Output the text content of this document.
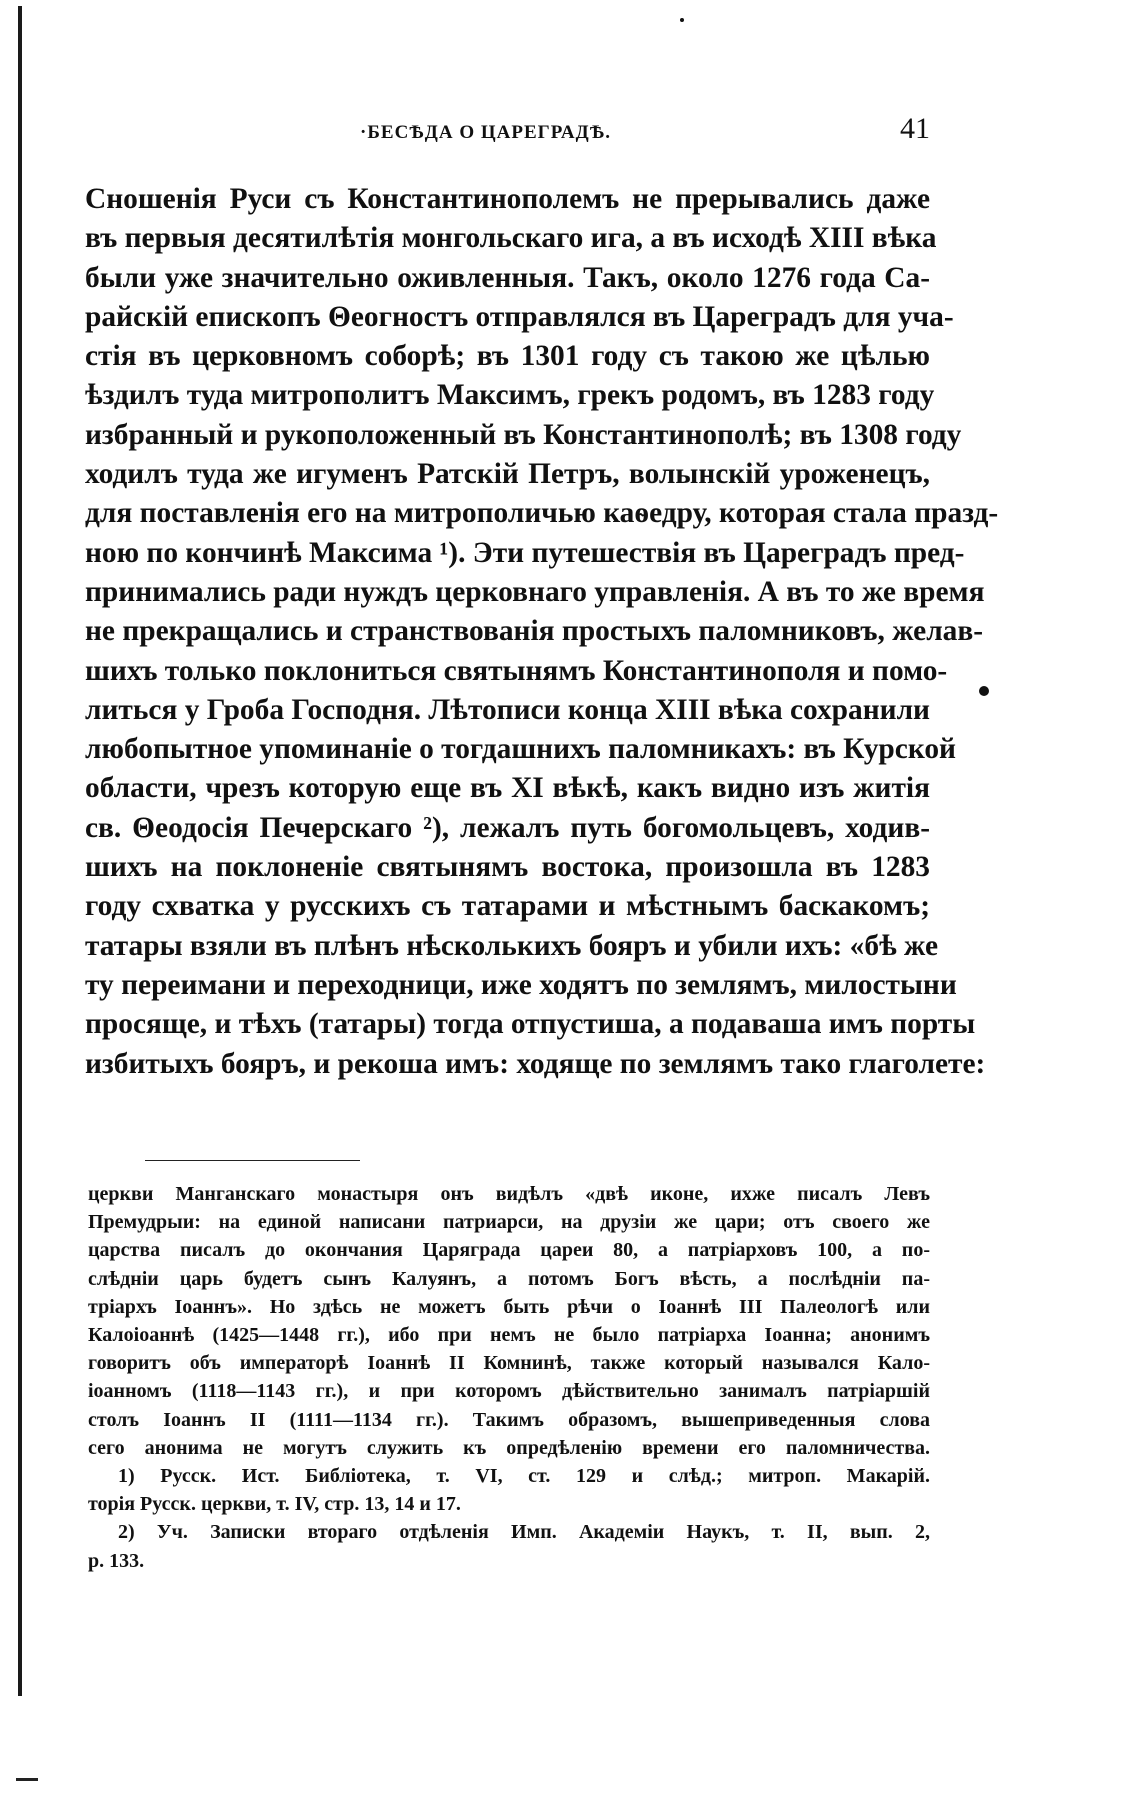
·БЕСѢДА О ЦАРЕГРАДѢ.	41
Сношенія Руси съ Константинополемъ не прерывались даже
въ первыя десятилѣтія монгольскаго ига, а въ исходѣ XIII вѣка
были уже значительно оживленныя. Такъ, около 1276 года Са-
райскій епископъ Θеогностъ отправлялся въ Цареградъ для уча-
стія въ церковномъ соборѣ; въ 1301 году съ такою же цѣлью
ѣздилъ туда митрополитъ Максимъ, грекъ родомъ, въ 1283 году
избранный и рукоположенный въ Константинополѣ; въ 1308 году
ходилъ туда же игуменъ Ратскій Петръ, волынскій уроженецъ,
для поставленія его на митрополичью каѳедру, которая стала празд-
ною по кончинѣ Максима ¹). Эти путешествія въ Цареградъ пред-
принимались ради нуждъ церковнаго управленія. А въ то же время
не прекращались и странствованія простыхъ паломниковъ, желав-
шихъ только поклониться святынямъ Константинополя и помо-
литься у Гроба Господня. Лѣтописи конца XIII вѣка сохранили
любопытное упоминаніе о тогдашнихъ паломникахъ: въ Курской
области, чрезъ которую еще въ XI вѣкѣ, какъ видно изъ житія
св. Θеодосія Печерскаго ²), лежалъ путь богомольцевъ, ходив-
шихъ на поклоненіе святынямъ востока, произошла въ 1283
году схватка у русскихъ съ татарами и мѣстнымъ баскакомъ;
татары взяли въ плѣнъ нѣсколькихъ бояръ и убили ихъ: «бѣ же
ту переимани и переходници, иже ходятъ по землямъ, милостыни
просяще, и тѣхъ (татары) тогда отпустиша, а подаваша имъ порты
избитыхъ бояръ, и рекоша имъ: ходяще по землямъ тако глаголете:
церкви Манганскаго монастыря онъ видѣлъ «двѣ иконе, ихже писалъ Левъ
Премудрыи: на единой написани патриарси, на друзіи же цари; отъ своего же
царства писалъ до окончания Царяграда цареи 80, а патріарховъ 100, а по-
слѣдніи царь будетъ сынъ Калуянъ, а потомъ Богъ вѣсть, а послѣдніи па-
тріархъ Іоаннъ». Но здѣсь не можетъ быть рѣчи о Іоаннѣ III Палеологѣ или
Калоіоаннѣ (1425—1448 гг.), ибо при немъ не было патріарха Іоанна; анонимъ
говоритъ объ императорѣ Іоаннѣ II Комнинѣ, также который назывался Кало-
іоанномъ (1118—1143 гг.), и при которомъ дѣйствительно занималъ патріаршій
столъ Іоаннъ II (1111—1134 гг.). Такимъ образомъ, вышеприведенныя слова
сего анонима не могутъ служить къ опредѣленію времени его паломничества.
1) Русск. Ист. Библіотека, т. VI, ст. 129 и слѣд.; митроп. Макарій.
торія Русск. церкви, т. IV, стр. 13, 14 и 17.
2) Уч. Записки втораго отдѣленія Имп. Академіи Наукъ, т. II, вып. 2,
р. 133.
